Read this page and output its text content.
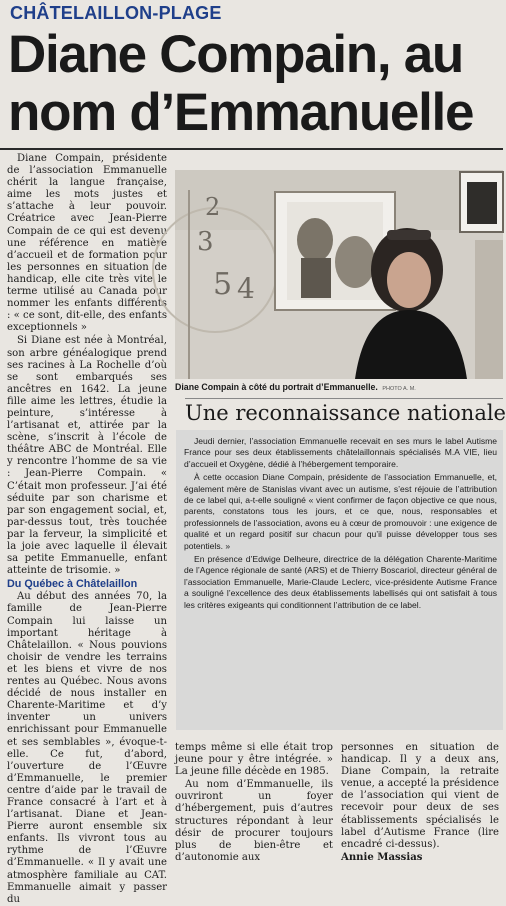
CHÂTELAILLON-PLAGE
Diane Compain, au
nom d’Emmanuelle

Diane Compain, présidente de l’association Emmanuelle chérit la langue française, aime les mots justes et s’attache à leur pouvoir. Créatrice avec Jean-Pierre Compain de ce qui est devenu une référence en matière d’accueil et de formation pour les personnes en situation de handicap, elle cite très vite le terme utilisé au Canada pour nommer les enfants différents : « ce sont, dit-elle, des enfants exceptionnels »

Si Diane est née à Montréal, son arbre généalogique prend ses racines à La Rochelle d’où se sont embarqués ses ancêtres en 1642. La jeune fille aime les lettres, étudie la peinture, s’intéresse à l’artisanat et, attirée par la scène, s’inscrit à l’école de théâtre ABC de Montréal. Elle y rencontre l’homme de sa vie : Jean-Pierre Compain. « C’était mon professeur. J’ai été séduite par son charisme et par son engagement social, et, par-dessus tout, très touchée par la ferveur, la simplicité et la joie avec laquelle il élevait sa petite Emmanuelle, enfant atteinte de trisomie. »

Du Québec à Châtelaillon

Au début des années 70, la famille de Jean-Pierre Compain lui laisse un important héritage à Châtelaillon. « Nous pouvions choisir de vendre les terrains et les biens et vivre de nos rentes au Québec. Nous avons décidé de nous installer en Charente-Maritime et d’y inventer un univers enrichissant pour Emmanuelle et ses semblables », évoque-t-elle. Ce fut, d’abord, l’ouverture de l’Œuvre d’Emmanuelle, le premier centre d’aide par le travail de France consacré à l’art et à l’artisanat. Diane et Jean-Pierre auront ensemble six enfants. Ils vivront tous au rythme de l’Œuvre d’Emmanuelle. « Il y avait une atmosphère familiale au CAT. Emmanuelle aimait y passer du

2
3
5 4
Diane Compain à côté du portrait d’Emmanuelle. PHOTO A. M.
Une reconnaissance nationale

Jeudi dernier, l’association Emmanuelle recevait en ses murs le label Autisme France pour ses deux établissements châtelaillonnais spécialisés M.A VIE, lieu d’accueil et Oxygène, dédié à l’hébergement temporaire.

À cette occasion Diane Compain, présidente de l’association Emmanuelle, et, également mère de Stanislas vivant avec un autisme, s’est réjouie de l’attribution de ce label qui, a-t-elle souligné « vient confirmer de façon objective ce que nous, parents, constatons tous les jours, et ce que, nous, responsables et professionnels de l’association, avons eu à cœur de promouvoir : une exigence de qualité et un regard positif sur chacun pour qu’il puisse développer tous ses potentiels. »

En présence d’Edwige Delheure, directrice de la délégation Charente-Maritime de l’Agence régionale de santé (ARS) et de Thierry Boscariol, directeur général de l’association Emmanuelle, Marie-Claude Leclerc, vice-présidente Autisme France a souligné l’excellence des deux établissements labellisés qui ont satisfait à tous les critères exigeants qui conditionnent l’attribution de ce label.

temps même si elle était trop jeune pour y être intégrée. » La jeune fille décède en 1985.

Au nom d’Emmanuelle, ils ouvriront un foyer d’hébergement, puis d’autres structures répondant à leur désir de procurer toujours plus de bien-être et d’autonomie aux

personnes en situation de handicap. Il y a deux ans, Diane Compain, la retraite venue, a accepté la présidence de l’association qui vient de recevoir pour deux de ses établissements spécialisés le label d’Autisme France (lire encadré ci-dessus).

Annie Massias
